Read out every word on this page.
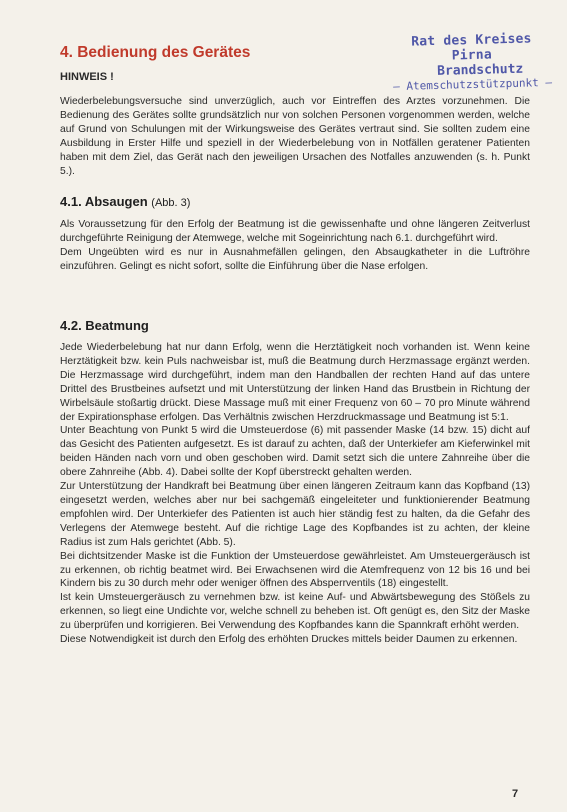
Rat des Kreises Pirna
Brandschutz
– Atemschutzstützpunkt –
4. Bedienung des Gerätes
HINWEIS !

Wiederbelebungsversuche sind unverzüglich, auch vor Eintreffen des Arztes vorzunehmen. Die Bedienung des Gerätes sollte grundsätzlich nur von solchen Personen vorgenommen werden, welche auf Grund von Schulungen mit der Wirkungsweise des Gerätes vertraut sind. Sie sollten zudem eine Ausbildung in Erster Hilfe und speziell in der Wiederbelebung von in Notfällen geratener Patienten haben mit dem Ziel, das Gerät nach den jeweiligen Ursachen des Notfalles anzuwenden (s. h. Punkt 5.).

4.1. Absaugen (Abb. 3)

Als Voraussetzung für den Erfolg der Beatmung ist die gewissenhafte und ohne längeren Zeitverlust durchgeführte Reinigung der Atemwege, welche mit Sogeinrichtung nach 6.1. durchgeführt wird.

Dem Ungeübten wird es nur in Ausnahmefällen gelingen, den Absaugkatheter in die Luftröhre einzuführen. Gelingt es nicht sofort, sollte die Einführung über die Nase erfolgen.

4.2. Beatmung

Jede Wiederbelebung hat nur dann Erfolg, wenn die Herztätigkeit noch vorhanden ist. Wenn keine Herztätigkeit bzw. kein Puls nachweisbar ist, muß die Beatmung durch Herzmassage ergänzt werden. Die Herzmassage wird durchgeführt, indem man den Handballen der rechten Hand auf das untere Drittel des Brustbeines aufsetzt und mit Unterstützung der linken Hand das Brustbein in Richtung der Wirbelsäule stoßartig drückt. Diese Massage muß mit einer Frequenz von 60 – 70 pro Minute während der Expirationsphase erfolgen. Das Verhältnis zwischen Herzdruckmassage und Beatmung ist 5:1.

Unter Beachtung von Punkt 5 wird die Umsteuerdose (6) mit passender Maske (14 bzw. 15) dicht auf das Gesicht des Patienten aufgesetzt. Es ist darauf zu achten, daß der Unterkiefer am Kieferwinkel mit beiden Händen nach vorn und oben geschoben wird. Damit setzt sich die untere Zahnreihe über die obere Zahnreihe (Abb. 4). Dabei sollte der Kopf überstreckt gehalten werden.

Zur Unterstützung der Handkraft bei Beatmung über einen längeren Zeitraum kann das Kopfband (13) eingesetzt werden, welches aber nur bei sachgemäß eingeleiteter und funktionierender Beatmung empfohlen wird. Der Unterkiefer des Patienten ist auch hier ständig fest zu halten, da die Gefahr des Verlegens der Atemwege besteht. Auf die richtige Lage des Kopfbandes ist zu achten, der kleine Radius ist zum Hals gerichtet (Abb. 5).

Bei dichtsitzender Maske ist die Funktion der Umsteuerdose gewährleistet. Am Umsteuergeräusch ist zu erkennen, ob richtig beatmet wird. Bei Erwachsenen wird die Atemfrequenz von 12 bis 16 und bei Kindern bis zu 30 durch mehr oder weniger öffnen des Absperrventils (18) eingestellt.

Ist kein Umsteuergeräusch zu vernehmen bzw. ist keine Auf- und Abwärtsbewegung des Stößels zu erkennen, so liegt eine Undichte vor, welche schnell zu beheben ist. Oft genügt es, den Sitz der Maske zu überprüfen und korrigieren. Bei Verwendung des Kopfbandes kann die Spannkraft erhöht werden.

Diese Notwendigkeit ist durch den Erfolg des erhöhten Druckes mittels beider Daumen zu erkennen.

7
